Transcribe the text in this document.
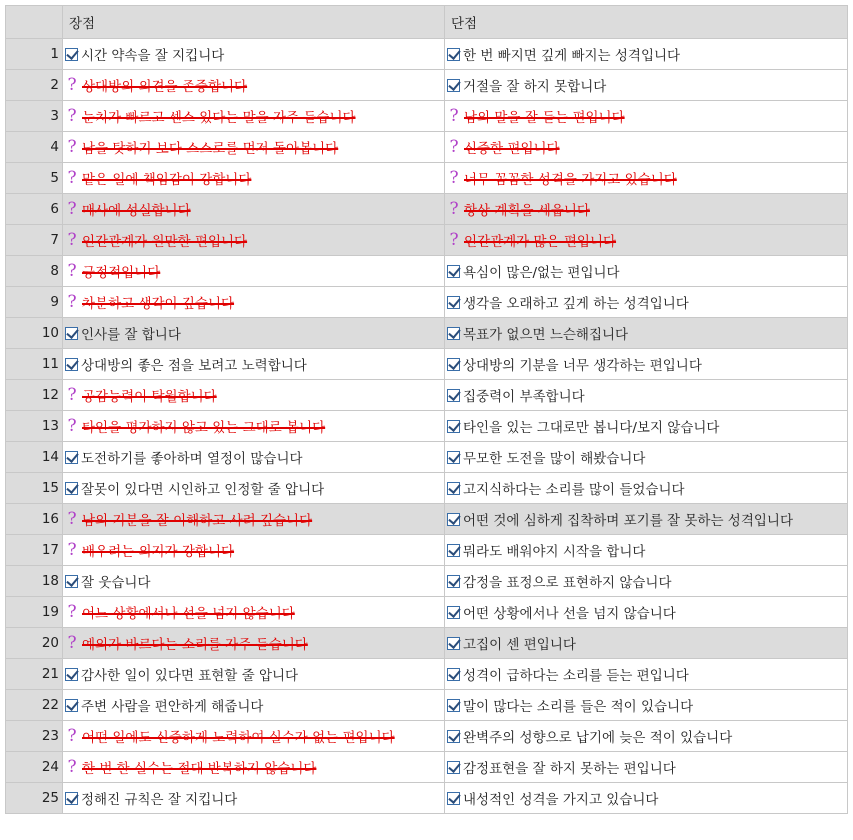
	장점	단점
1	시간 약속을 잘 지킵니다	한 번 빠지면 깊게 빠지는 성격입니다

2	? 상대방의 의견을 존중합니다	거절을 잘 하지 못합니다

3	? 눈치가 빠르고 센스 있다는 말을 자주 듣습니다	? 남의 말을 잘 듣는 편입니다

4	? 남을 탓하기 보다 스스로를 먼저 돌아봅니다	? 신중한 편입니다

5	? 맡은 일에 책임감이 강합니다	? 너무 꼼꼼한 성격을 가지고 있습니다

6	? 매사에 성실합니다	? 항상 계획을 세웁니다

7	? 인간관계가 원만한 편입니다	? 인간관계가 많은 편입니다

8	? 긍정적입니다	욕심이 많은/없는 편입니다

9	? 차분하고 생각이 깊습니다	생각을 오래하고 깊게 하는 성격입니다

10	인사를 잘 합니다	목표가 없으면 느슨해집니다

11	상대방의 좋은 점을 보려고 노력합니다	상대방의 기분을 너무 생각하는 편입니다

12	? 공감능력이 탁월합니다	집중력이 부족합니다

13	? 타인을 평가하지 않고 있는 그대로 봅니다	타인을 있는 그대로만 봅니다/보지 않습니다

14	도전하기를 좋아하며 열정이 많습니다	무모한 도전을 많이 해봤습니다

15	잘못이 있다면 시인하고 인정할 줄 압니다	고지식하다는 소리를 많이 들었습니다

16	? 남의 기분을 잘 이해하고 사려 깊습니다	어떤 것에 심하게 집착하며 포기를 잘 못하는 성격입니다

17	? 배우려는 의지가 강합니다	뭐라도 배워야지 시작을 합니다

18	잘 웃습니다	감정을 표정으로 표현하지 않습니다

19	? 어느 상황에서나 선을 넘지 않습니다	어떤 상황에서나 선을 넘지 않습니다

20	? 예의가 바르다는 소리를 자주 듣습니다	고집이 센 편입니다

21	감사한 일이 있다면 표현할 줄 압니다	성격이 급하다는 소리를 듣는 편입니다

22	주변 사람을 편안하게 해줍니다	말이 많다는 소리를 들은 적이 있습니다

23	? 어떤 일에도 신중하게 노력하여 실수가 없는 편입니다	완벽주의 성향으로 납기에 늦은 적이 있습니다

24	? 한 번 한 실수는 절대 반복하지 않습니다	감정표현을 잘 하지 못하는 편입니다

25	정해진 규칙은 잘 지킵니다	내성적인 성격을 가지고 있습니다
